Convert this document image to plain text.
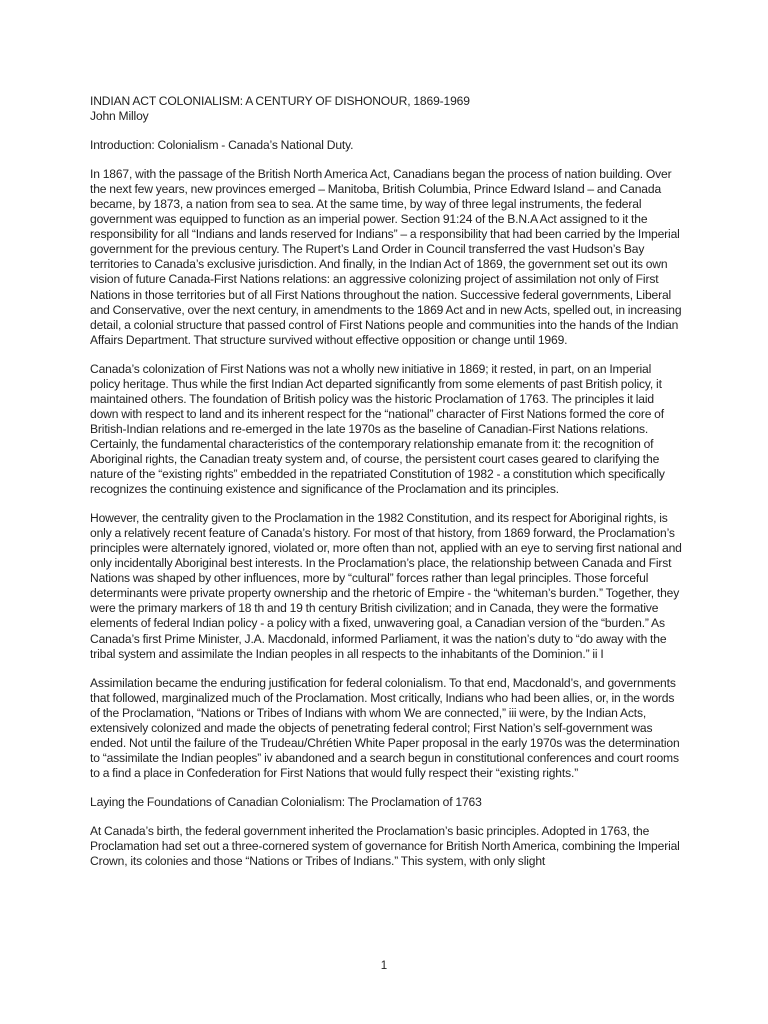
INDIAN ACT COLONIALISM: A CENTURY OF DISHONOUR, 1869-1969
John Milloy

Introduction: Colonialism - Canada’s National Duty.

In 1867, with the passage of the British North America Act, Canadians began the process of nation building. Over the next few years, new provinces emerged – Manitoba, British Columbia, Prince Edward Island – and Canada became, by 1873, a nation from sea to sea. At the same time, by way of three legal instruments, the federal government was equipped to function as an imperial power. Section 91:24 of the B.N.A Act assigned to it the responsibility for all “Indians and lands reserved for Indians” – a responsibility that had been carried by the Imperial government for the previous century. The Rupert’s Land Order in Council transferred the vast Hudson’s Bay territories to Canada’s exclusive jurisdiction. And finally, in the Indian Act of 1869, the government set out its own vision of future Canada-First Nations relations: an aggressive colonizing project of assimilation not only of First Nations in those territories but of all First Nations throughout the nation. Successive federal governments, Liberal and Conservative, over the next century, in amendments to the 1869 Act and in new Acts, spelled out, in increasing detail, a colonial structure that passed control of First Nations people and communities into the hands of the Indian Affairs Department. That structure survived without effective opposition or change until 1969.

Canada’s colonization of First Nations was not a wholly new initiative in 1869; it rested, in part, on an Imperial policy heritage. Thus while the first Indian Act departed significantly from some elements of past British policy, it maintained others. The foundation of British policy was the historic Proclamation of 1763. The principles it laid down with respect to land and its inherent respect for the “national” character of First Nations formed the core of British-Indian relations and re-emerged in the late 1970s as the baseline of Canadian-First Nations relations. Certainly, the fundamental characteristics of the contemporary relationship emanate from it: the recognition of Aboriginal rights, the Canadian treaty system and, of course, the persistent court cases geared to clarifying the nature of the “existing rights” embedded in the repatriated Constitution of 1982 - a constitution which specifically recognizes the continuing existence and significance of the Proclamation and its principles.

However, the centrality given to the Proclamation in the 1982 Constitution, and its respect for Aboriginal rights, is only a relatively recent feature of Canada’s history. For most of that history, from 1869 forward, the Proclamation’s principles were alternately ignored, violated or, more often than not, applied with an eye to serving first national and only incidentally Aboriginal best interests. In the Proclamation’s place, the relationship between Canada and First Nations was shaped by other influences, more by “cultural” forces rather than legal principles. Those forceful determinants were private property ownership and the rhetoric of Empire - the “whiteman’s burden.” Together, they were the primary markers of 18 th and 19 th century British civilization; and in Canada, they were the formative elements of federal Indian policy - a policy with a fixed, unwavering goal, a Canadian version of the “burden.” As Canada’s first Prime Minister, J.A. Macdonald, informed Parliament, it was the nation’s duty to “do away with the tribal system and assimilate the Indian peoples in all respects to the inhabitants of the Dominion.” ii I

Assimilation became the enduring justification for federal colonialism. To that end, Macdonald’s, and governments that followed, marginalized much of the Proclamation. Most critically, Indians who had been allies, or, in the words of the Proclamation, “Nations or Tribes of Indians with whom We are connected,” iii were, by the Indian Acts, extensively colonized and made the objects of penetrating federal control; First Nation’s self-government was ended. Not until the failure of the Trudeau/Chrétien White Paper proposal in the early 1970s was the determination to “assimilate the Indian peoples” iv abandoned and a search begun in constitutional conferences and court rooms to a find a place in Confederation for First Nations that would fully respect their “existing rights.”

Laying the Foundations of Canadian Colonialism: The Proclamation of 1763

At Canada’s birth, the federal government inherited the Proclamation’s basic principles. Adopted in 1763, the Proclamation had set out a three-cornered system of governance for British North America, combining the Imperial Crown, its colonies and those “Nations or Tribes of Indians.” This system, with only slight

1
